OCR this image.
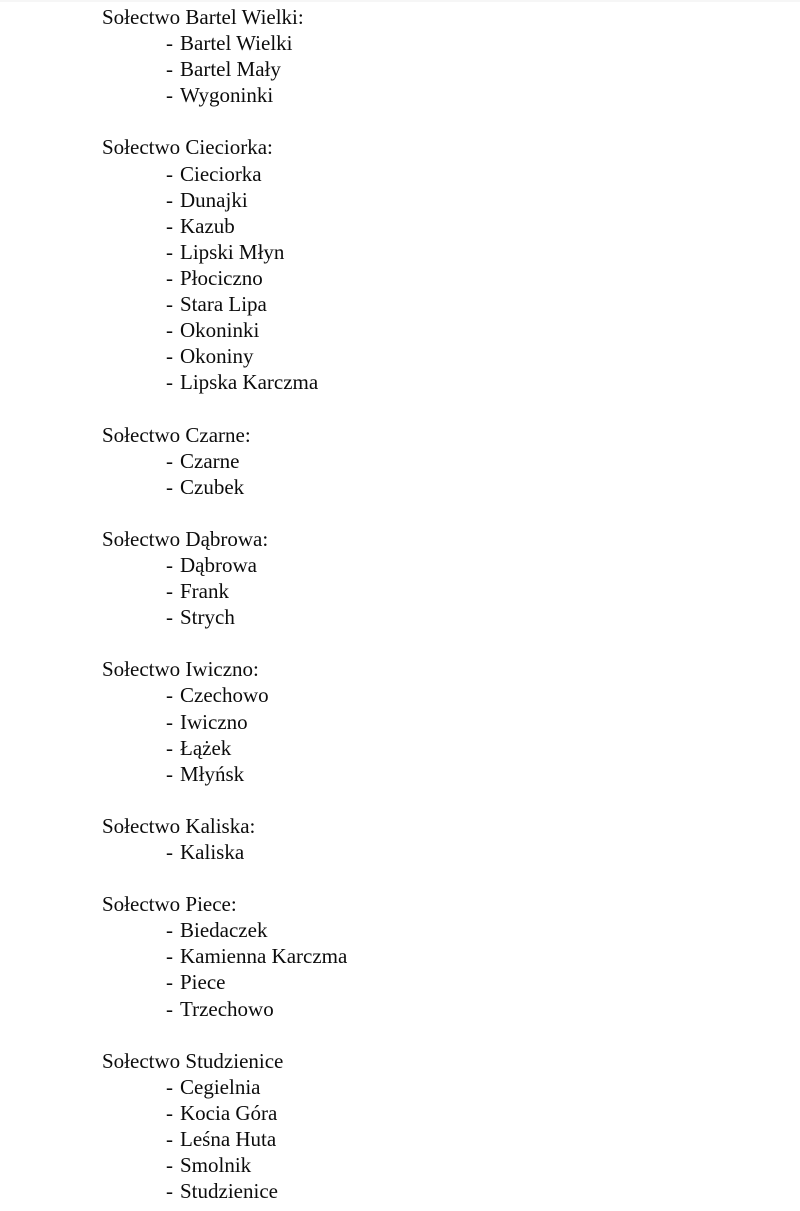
Sołectwo Bartel Wielki:
- Bartel Wielki
- Bartel Mały
- Wygoninki
Sołectwo Cieciorka:
- Cieciorka
- Dunajki
- Kazub
- Lipski Młyn
- Płociczno
- Stara Lipa
- Okoninki
- Okoniny
- Lipska Karczma
Sołectwo Czarne:
- Czarne
- Czubek
Sołectwo Dąbrowa:
- Dąbrowa
- Frank
- Strych
Sołectwo Iwiczno:
- Czechowo
- Iwiczno
- Łążek
- Młyńsk
Sołectwo Kaliska:
- Kaliska
Sołectwo Piece:
- Biedaczek
- Kamienna Karczma
- Piece
- Trzechowo
Sołectwo Studzienice
- Cegielnia
- Kocia Góra
- Leśna Huta
- Smolnik
- Studzienice
